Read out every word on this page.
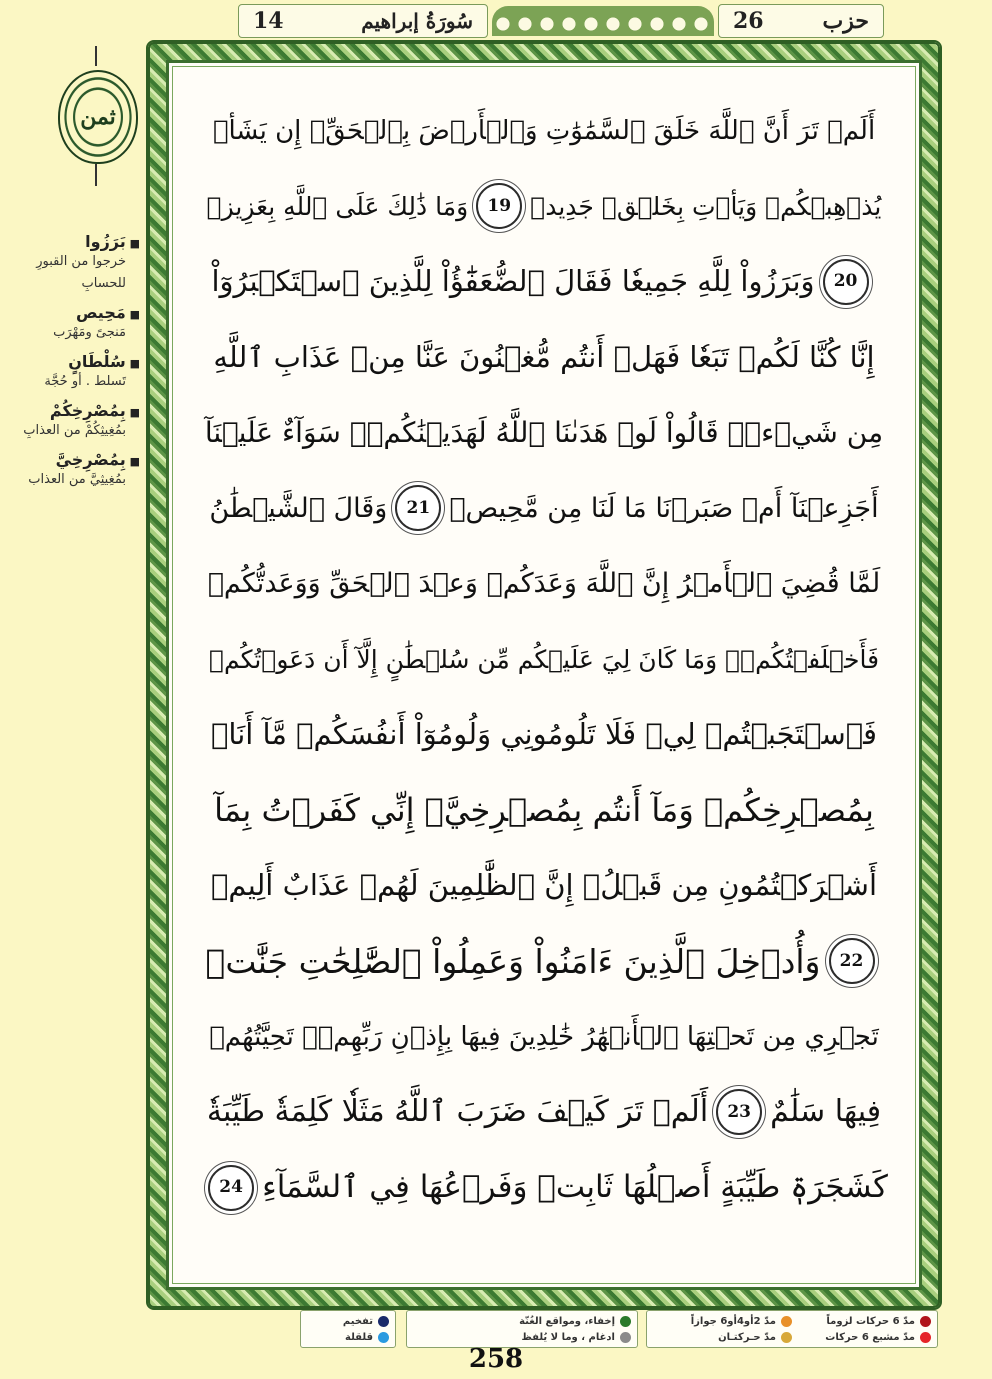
14	سُورَةُ إبراهيم	26	حزب
ثمن
■ بَرَزُوا
خرجوا من القبورِ للحسابِ
■ مَحِيص
مَنجىً ومَهْرَب
■ سُلْطَانٍ
تَسلط . أو حُجَّة
■ بِمُصْرِخِكُمْ
بمُغِيثِكُمْ من العذابِ
■ بِمُصْرِخِيَّ
بمُغِيثِيَّ من العذاب
أَلَمۡ تَرَ أَنَّ ٱللَّهَ خَلَقَ ٱلسَّمَٰوَٰتِ وَٱلۡأَرۡضَ بِٱلۡحَقِّۚ إِن يَشَأۡ
يُذۡهِبۡكُمۡ وَيَأۡتِ بِخَلۡقٖ جَدِيدٖ
19
وَمَا ذَٰلِكَ عَلَى ٱللَّهِ بِعَزِيزٖ
20
وَبَرَزُواْ لِلَّهِ جَمِيعٗا فَقَالَ ٱلضُّعَفَٰٓؤُاْ لِلَّذِينَ ٱسۡتَكۡبَرُوٓاْ
إِنَّا كُنَّا لَكُمۡ تَبَعٗا فَهَلۡ أَنتُم مُّغۡنُونَ عَنَّا مِنۡ عَذَابِ ٱللَّهِ
مِن شَيۡءٖۚ قَالُواْ لَوۡ هَدَىٰنَا ٱللَّهُ لَهَدَيۡنَٰكُمۡۖ سَوَآءٌ عَلَيۡنَآ
أَجَزِعۡنَآ أَمۡ صَبَرۡنَا مَا لَنَا مِن مَّحِيصٖ
21
وَقَالَ ٱلشَّيۡطَٰنُ
لَمَّا قُضِيَ ٱلۡأَمۡرُ إِنَّ ٱللَّهَ وَعَدَكُمۡ وَعۡدَ ٱلۡحَقِّ وَوَعَدتُّكُمۡ
فَأَخۡلَفۡتُكُمۡۖ وَمَا كَانَ لِيَ عَلَيۡكُم مِّن سُلۡطَٰنٍ إِلَّآ أَن دَعَوۡتُكُمۡ
فَٱسۡتَجَبۡتُمۡ لِيۖ فَلَا تَلُومُونِي وَلُومُوٓاْ أَنفُسَكُمۖ مَّآ أَنَا۠
بِمُصۡرِخِكُمۡ وَمَآ أَنتُم بِمُصۡرِخِيَّۖ إِنِّي كَفَرۡتُ بِمَآ
أَشۡرَكۡتُمُونِ مِن قَبۡلُۗ إِنَّ ٱلظَّٰلِمِينَ لَهُمۡ عَذَابٌ أَلِيمٞ
22
وَأُدۡخِلَ ٱلَّذِينَ ءَامَنُواْ وَعَمِلُواْ ٱلصَّٰلِحَٰتِ جَنَّٰتٖ
تَجۡرِي مِن تَحۡتِهَا ٱلۡأَنۡهَٰرُ خَٰلِدِينَ فِيهَا بِإِذۡنِ رَبِّهِمۡۖ تَحِيَّتُهُمۡ
فِيهَا سَلَٰمٌ
23
أَلَمۡ تَرَ كَيۡفَ ضَرَبَ ٱللَّهُ مَثَلٗا كَلِمَةٗ طَيِّبَةٗ
كَشَجَرَةٖ طَيِّبَةٍ أَصۡلُهَا ثَابِتٞ وَفَرۡعُهَا فِي ٱلسَّمَآءِ
24
مدّ 6 حركات لزوماً
مدّ 2أو4أو6 جوازاً
مدّ مشبع 6 حركات
مدّ حـركتـان
إخفاء، ومواقع الغُنّة
ادغام ، وما لا يُلفظ
تفخيم
قلقلة
258
